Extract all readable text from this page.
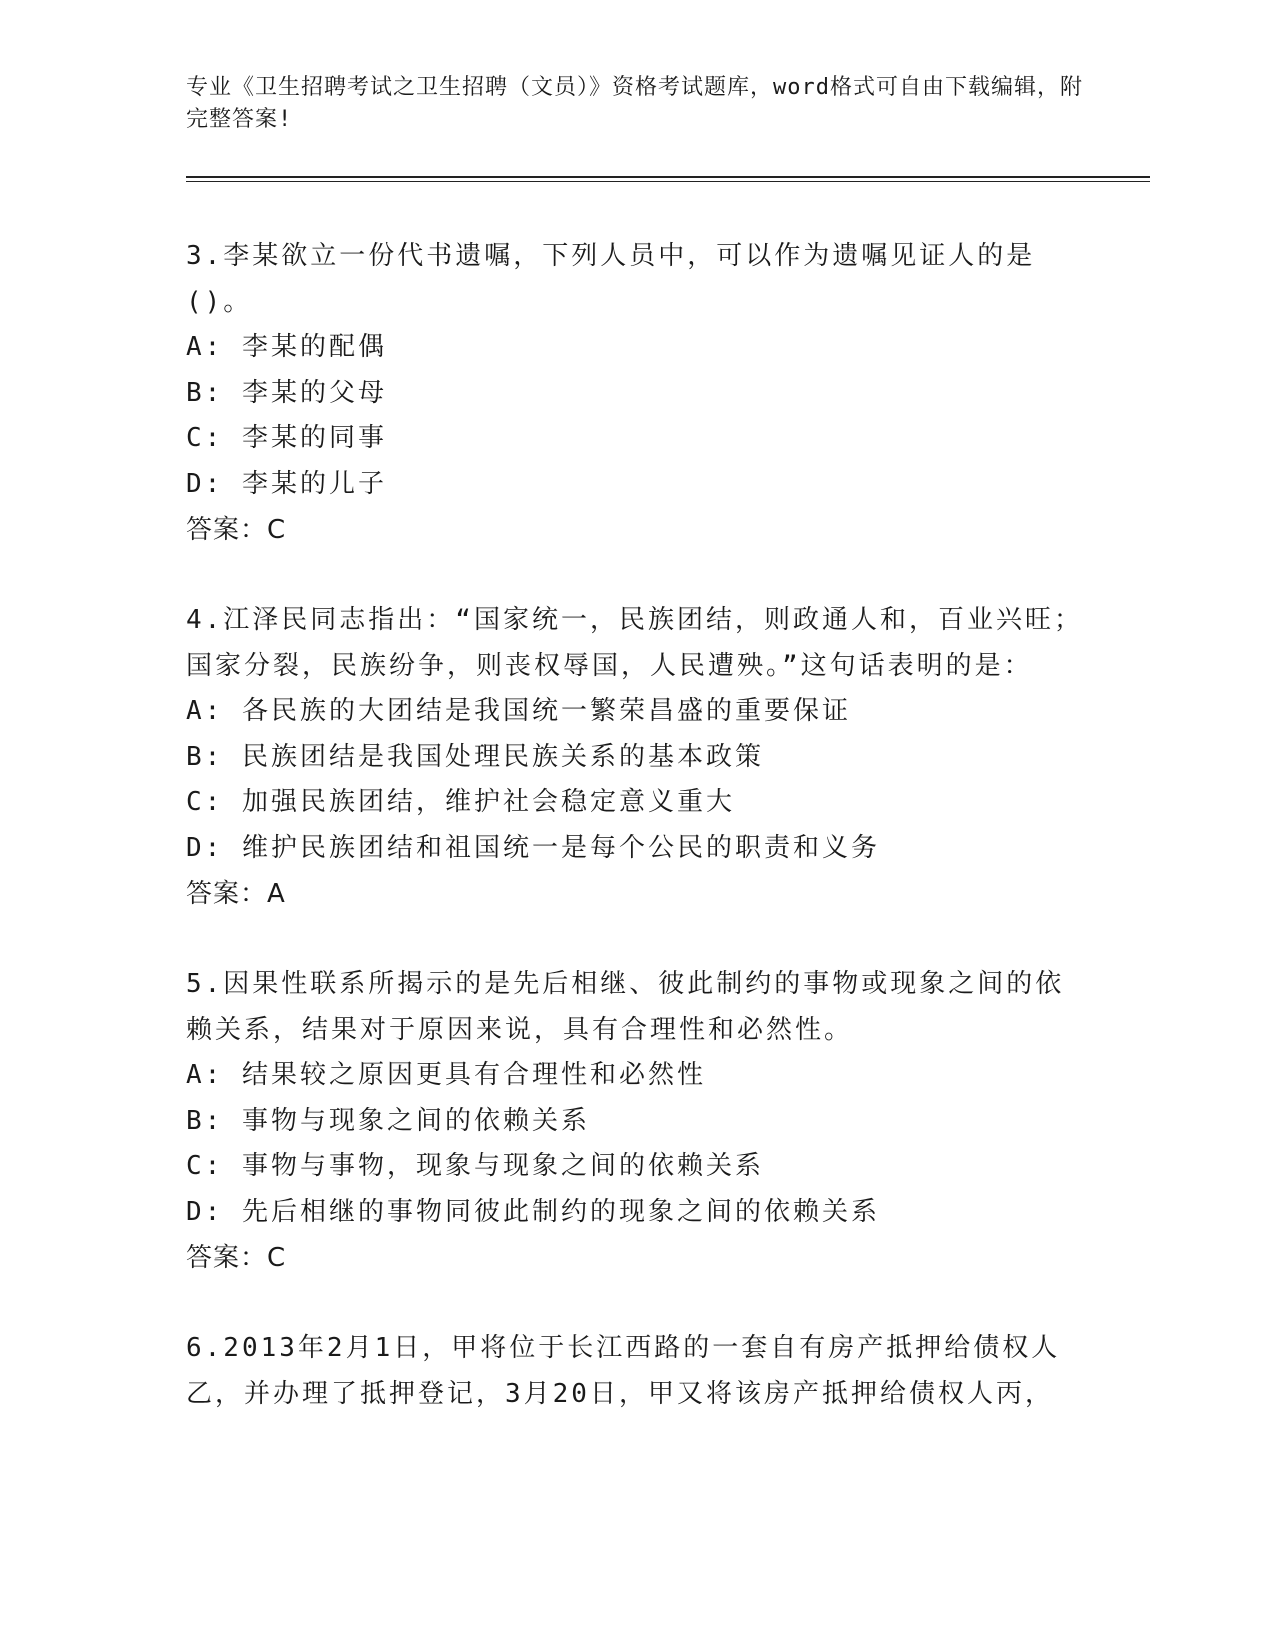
专业《卫生招聘考试之卫生招聘（文员）》资格考试题库，word格式可自由下载编辑，附完整答案!

3.李某欲立一份代书遗嘱，下列人员中，可以作为遗嘱见证人的是()。

A: 李某的配偶

B: 李某的父母

C: 李某的同事

D: 李某的儿子

答案：C

4.江泽民同志指出：“国家统一，民族团结，则政通人和，百业兴旺；国家分裂，民族纷争，则丧权辱国，人民遭殃。”这句话表明的是：

A: 各民族的大团结是我国统一繁荣昌盛的重要保证

B: 民族团结是我国处理民族关系的基本政策

C: 加强民族团结，维护社会稳定意义重大

D: 维护民族团结和祖国统一是每个公民的职责和义务

答案：A

5.因果性联系所揭示的是先后相继、彼此制约的事物或现象之间的依赖关系，结果对于原因来说，具有合理性和必然性。

A: 结果较之原因更具有合理性和必然性

B: 事物与现象之间的依赖关系

C: 事物与事物，现象与现象之间的依赖关系

D: 先后相继的事物同彼此制约的现象之间的依赖关系

答案：C

6.2013年2月1日，甲将位于长江西路的一套自有房产抵押给债权人乙，并办理了抵押登记，3月20日，甲又将该房产抵押给债权人丙，
